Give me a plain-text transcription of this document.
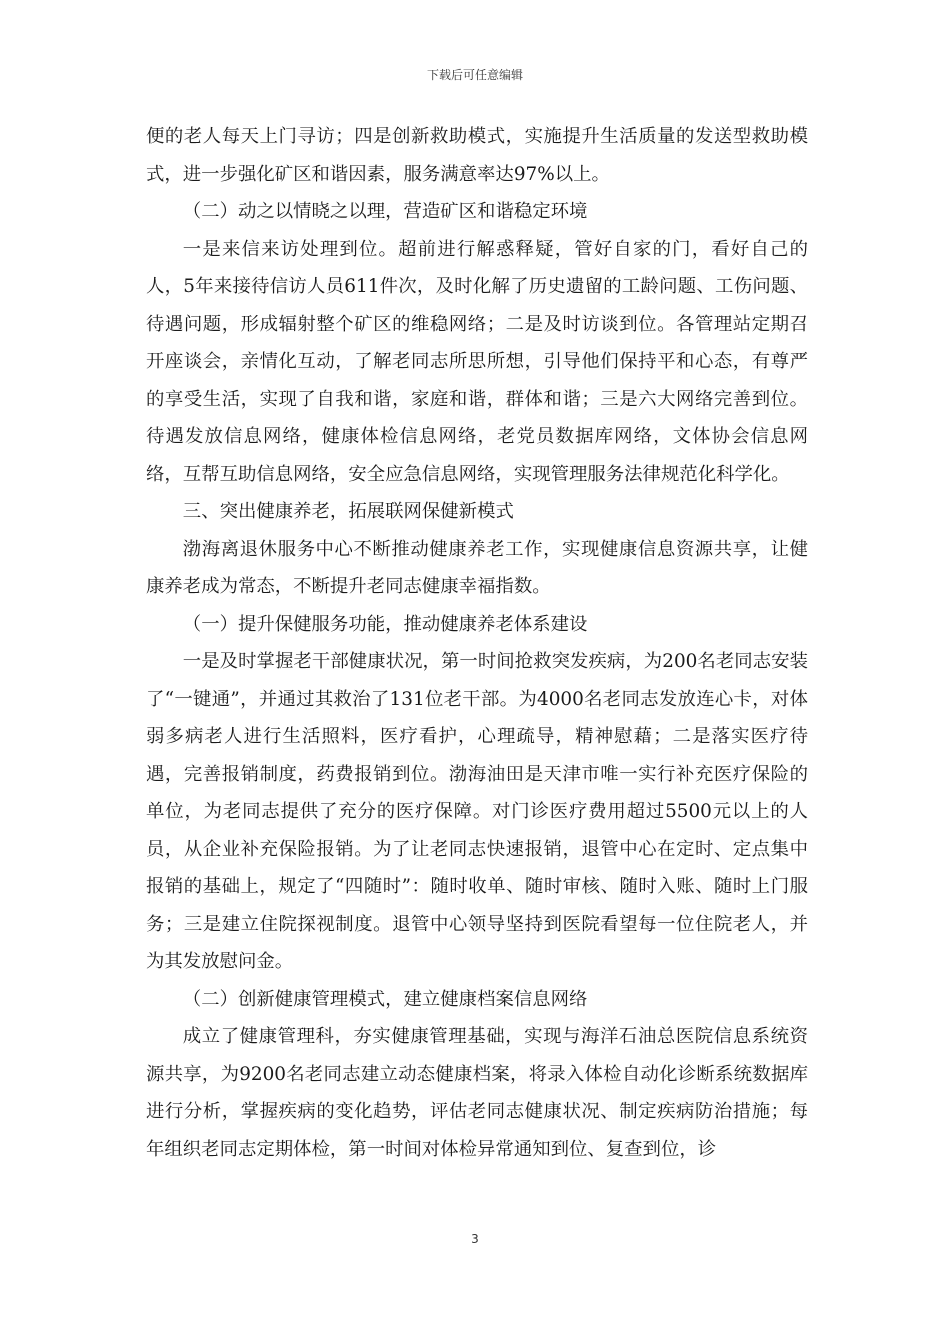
下载后可任意编辑

便的老人每天上门寻访；四是创新救助模式，实施提升生活质量的发送型救助模式，进一步强化矿区和谐因素，服务满意率达97%以上。

（二）动之以情晓之以理，营造矿区和谐稳定环境

一是来信来访处理到位。超前进行解惑释疑，管好自家的门，看好自己的人，5年来接待信访人员611件次，及时化解了历史遗留的工龄问题、工伤问题、待遇问题，形成辐射整个矿区的维稳网络；二是及时访谈到位。各管理站定期召开座谈会，亲情化互动，了解老同志所思所想，引导他们保持平和心态，有尊严的享受生活，实现了自我和谐，家庭和谐，群体和谐；三是六大网络完善到位。待遇发放信息网络，健康体检信息网络，老党员数据库网络，文体协会信息网络，互帮互助信息网络，安全应急信息网络，实现管理服务法律规范化科学化。

三、突出健康养老，拓展联网保健新模式

渤海离退休服务中心不断推动健康养老工作，实现健康信息资源共享，让健康养老成为常态，不断提升老同志健康幸福指数。

（一）提升保健服务功能，推动健康养老体系建设

一是及时掌握老干部健康状况，第一时间抢救突发疾病，为200名老同志安装了“一键通”，并通过其救治了131位老干部。为4000名老同志发放连心卡，对体弱多病老人进行生活照料，医疗看护，心理疏导，精神慰藉；二是落实医疗待遇，完善报销制度，药费报销到位。渤海油田是天津市唯一实行补充医疗保险的单位，为老同志提供了充分的医疗保障。对门诊医疗费用超过5500元以上的人员，从企业补充保险报销。为了让老同志快速报销，退管中心在定时、定点集中报销的基础上，规定了“四随时”：随时收单、随时审核、随时入账、随时上门服务；三是建立住院探视制度。退管中心领导坚持到医院看望每一位住院老人，并为其发放慰问金。

（二）创新健康管理模式，建立健康档案信息网络

成立了健康管理科，夯实健康管理基础，实现与海洋石油总医院信息系统资源共享，为9200名老同志建立动态健康档案，将录入体检自动化诊断系统数据库进行分析，掌握疾病的变化趋势，评估老同志健康状况、制定疾病防治措施；每年组织老同志定期体检，第一时间对体检异常通知到位、复查到位，诊

3
